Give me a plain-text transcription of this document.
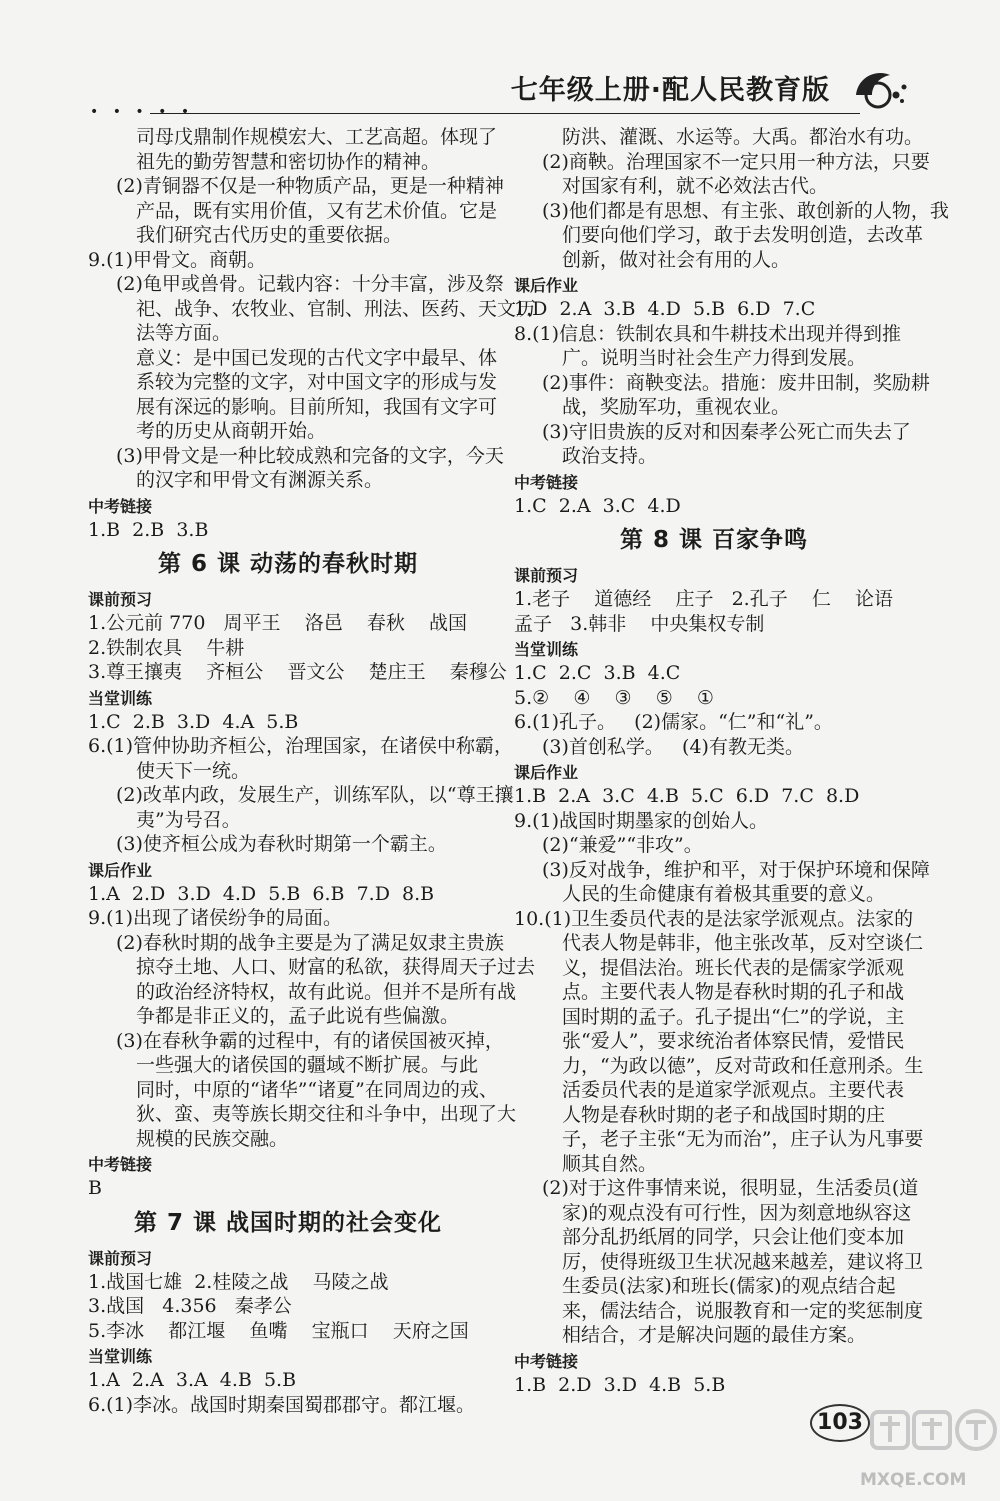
• • • • •
七年级上册·配人民教育版
司母戊鼎制作规模宏大、工艺高超。体现了
祖先的勤劳智慧和密切协作的精神。
(2)青铜器不仅是一种物质产品，更是一种精神
产品，既有实用价值，又有艺术价值。它是
我们研究古代历史的重要依据。
9.(1)甲骨文。商朝。
(2)龟甲或兽骨。记载内容：十分丰富，涉及祭
祀、战争、农牧业、官制、刑法、医药、天文历
法等方面。
意义：是中国已发现的古代文字中最早、体
系较为完整的文字，对中国文字的形成与发
展有深远的影响。目前所知，我国有文字可
考的历史从商朝开始。
(3)甲骨文是一种比较成熟和完备的文字，今天
的汉字和甲骨文有渊源关系。
中考链接
1.B  2.B  3.B
第 6 课 动荡的春秋时期
课前预习
1.公元前 770   周平王    洛邑    春秋    战国
2.铁制农具    牛耕
3.尊王攘夷    齐桓公    晋文公    楚庄王    秦穆公
当堂训练
1.C  2.B  3.D  4.A  5.B
6.(1)管仲协助齐桓公，治理国家，在诸侯中称霸，
使天下一统。
(2)改革内政，发展生产，训练军队，以“尊王攘
夷”为号召。
(3)使齐桓公成为春秋时期第一个霸主。
课后作业
1.A  2.D  3.D  4.D  5.B  6.B  7.D  8.B
9.(1)出现了诸侯纷争的局面。
(2)春秋时期的战争主要是为了满足奴隶主贵族
掠夺土地、人口、财富的私欲，获得周天子过去
的政治经济特权，故有此说。但并不是所有战
争都是非正义的，孟子此说有些偏激。
(3)在春秋争霸的过程中，有的诸侯国被灭掉，
一些强大的诸侯国的疆域不断扩展。与此
同时，中原的“诸华”“诸夏”在同周边的戎、
狄、蛮、夷等族长期交往和斗争中，出现了大
规模的民族交融。
中考链接
B
第 7 课 战国时期的社会变化
课前预习
1.战国七雄  2.桂陵之战    马陵之战
3.战国   4.356   秦孝公
5.李冰    都江堰    鱼嘴    宝瓶口    天府之国
当堂训练
1.A  2.A  3.A  4.B  5.B
6.(1)李冰。战国时期秦国蜀郡郡守。都江堰。
防洪、灌溉、水运等。大禹。都治水有功。
(2)商鞅。治理国家不一定只用一种方法，只要
对国家有利，就不必效法古代。
(3)他们都是有思想、有主张、敢创新的人物，我
们要向他们学习，敢于去发明创造，去改革
创新，做对社会有用的人。
课后作业
1.D  2.A  3.B  4.D  5.B  6.D  7.C
8.(1)信息：铁制农具和牛耕技术出现并得到推
广。说明当时社会生产力得到发展。
(2)事件：商鞅变法。措施：废井田制，奖励耕
战，奖励军功，重视农业。
(3)守旧贵族的反对和因秦孝公死亡而失去了
政治支持。
中考链接
1.C  2.A  3.C  4.D
第 8 课 百家争鸣
课前预习
1.老子    道德经    庄子   2.孔子    仁    论语
孟子   3.韩非    中央集权专制
当堂训练
1.C  2.C  3.B  4.C
5.②    ④    ③    ⑤    ①
6.(1)孔子。   (2)儒家。“仁”和“礼”。
(3)首创私学。   (4)有教无类。
课后作业
1.B  2.A  3.C  4.B  5.C  6.D  7.C  8.D
9.(1)战国时期墨家的创始人。
(2)“兼爱”“非攻”。
(3)反对战争，维护和平，对于保护环境和保障
人民的生命健康有着极其重要的意义。
10.(1)卫生委员代表的是法家学派观点。法家的
代表人物是韩非，他主张改革，反对空谈仁
义，提倡法治。班长代表的是儒家学派观
点。主要代表人物是春秋时期的孔子和战
国时期的孟子。孔子提出“仁”的学说，主
张“爱人”，要求统治者体察民情，爱惜民
力，“为政以德”，反对苛政和任意刑杀。生
活委员代表的是道家学派观点。主要代表
人物是春秋时期的老子和战国时期的庄
子，老子主张“无为而治”，庄子认为凡事要
顺其自然。
(2)对于这件事情来说，很明显，生活委员(道
家)的观点没有可行性，因为刻意地纵容这
部分乱扔纸屑的同学，只会让他们变本加
厉，使得班级卫生状况越来越差，建议将卫
生委员(法家)和班长(儒家)的观点结合起
来，儒法结合，说服教育和一定的奖惩制度
相结合，才是解决问题的最佳方案。
中考链接
1.B  2.D  3.D  4.B  5.B
103
MXQE.COM
